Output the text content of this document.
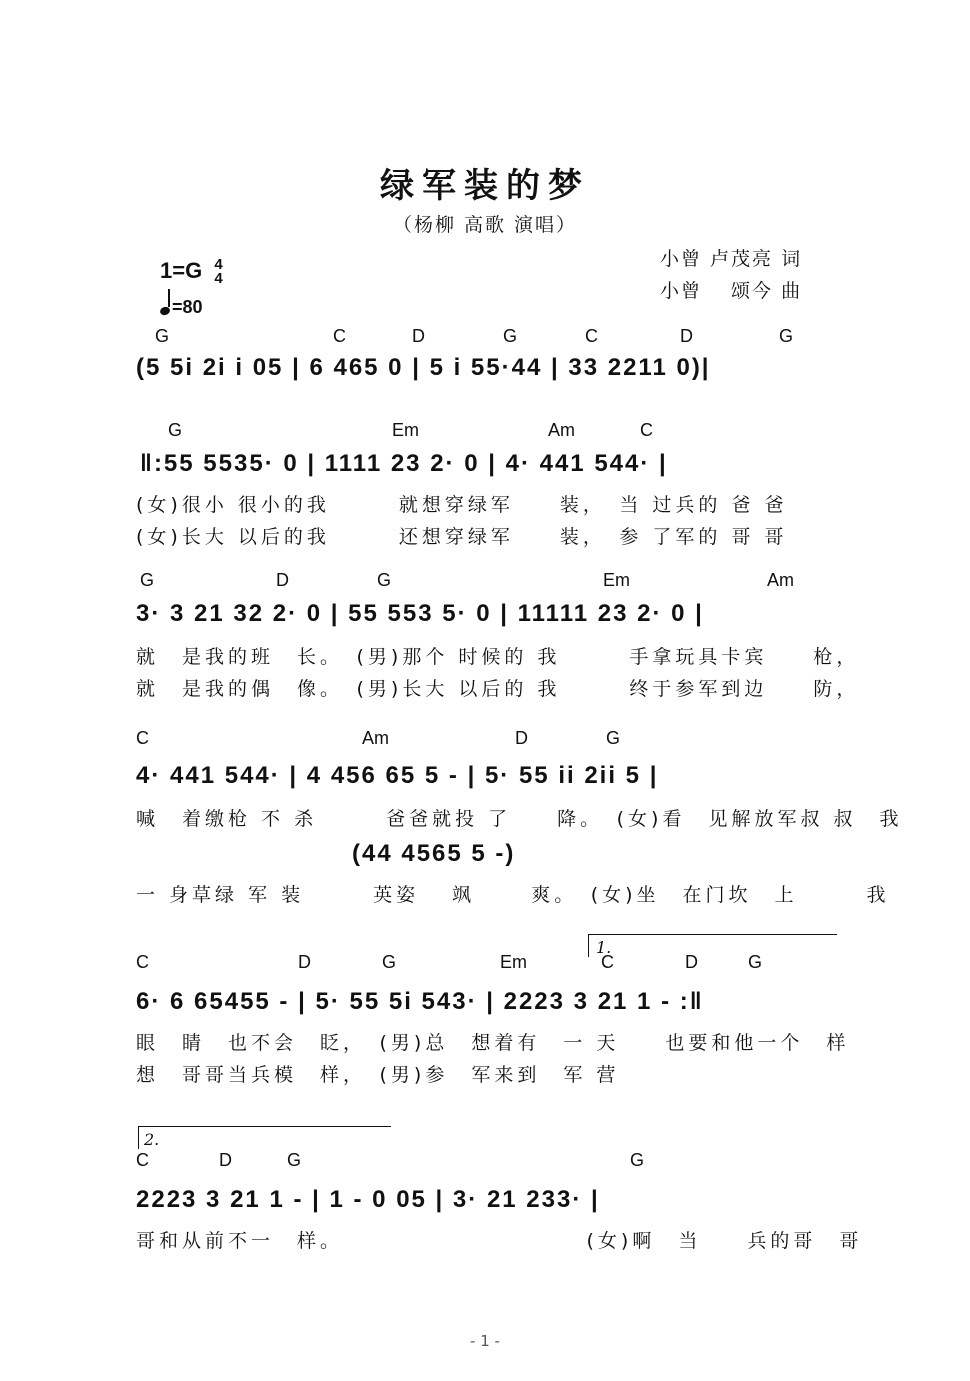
绿军装的梦
（杨柳 高歌 演唱）
小曾 卢茂亮 词
小曾　 颂今 曲
1=G 4
4
=80
G	C	D	G	C	D	G
(5 5i 2i i 05 | 6 465 0 | 5 i 55·44 | 33 2211 0)|
G	Em	Am	C
‖:55 5535· 0 | 1111 23 2· 0 | 4· 441 544· |
(女)很小 很小的我　　　就想穿绿军　　装，　当 过兵的 爸 爸
(女)长大 以后的我　　　还想穿绿军　　装，　参 了军的 哥 哥
G	D	G	Em	Am
3· 3 21 32 2· 0 | 55 553 5· 0 | 11111 23 2· 0 |
就　是我的班　长。　(男)那个 时候的 我　　　手拿玩具卡宾　　枪，
就　是我的偶　像。　(男)长大 以后的 我　　　终于参军到边　　防，
C	Am	D	G
4· 441 544· | 4 456 65 5 - | 5· 55 ii 2ii 5 |
喊　着缴枪 不 杀　　　爸爸就投 了　　降。　(女)看　见解放军叔 叔　我
(44 4565 5 -)
一 身草绿 军 装　　　英姿　 飒　　 爽。　(女)坐　在门坎　上　　　我
1.
C	D	G	Em	C	D	G
6· 6 65455 - | 5· 55 5i 543· | 2223 3 21 1 - :‖
眼　睛　也不会　眨，　(男)总　想着有　一 天　　也要和他一个　样
想　哥哥当兵模　样，　(男)参　军来到　军 营
2.
C	D	G	G
2223 3 21 1 - | 1 - 0 05 | 3· 21 233· |
哥和从前不一　样。　　　　　　　　　　　(女)啊　当　　兵的哥　哥
- 1 -
